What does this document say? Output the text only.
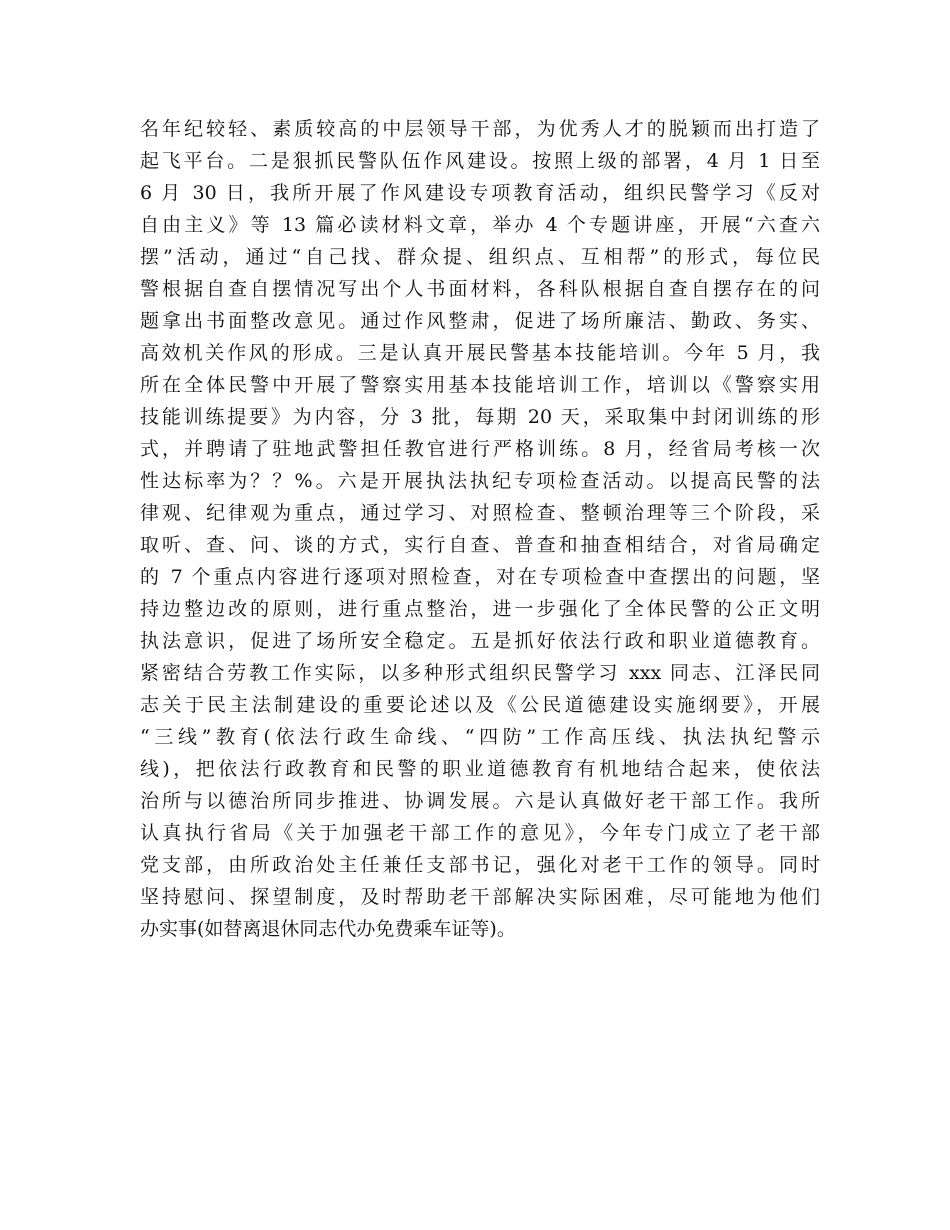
名年纪较轻、素质较高的中层领导干部，为优秀人才的脱颖而出打造了
起飞平台。二是狠抓民警队伍作风建设。按照上级的部署，4 月 1 日至
6 月 30 日，我所开展了作风建设专项教育活动，组织民警学习《反对
自由主义》等 13 篇必读材料文章，举办 4 个专题讲座，开展“六查六
摆”活动，通过“自己找、群众提、组织点、互相帮”的形式，每位民
警根据自查自摆情况写出个人书面材料，各科队根据自查自摆存在的问
题拿出书面整改意见。通过作风整肃，促进了场所廉洁、勤政、务实、
高效机关作风的形成。三是认真开展民警基本技能培训。今年 5 月，我
所在全体民警中开展了警察实用基本技能培训工作，培训以《警察实用
技能训练提要》为内容，分 3 批，每期 20 天，采取集中封闭训练的形
式，并聘请了驻地武警担任教官进行严格训练。8 月，经省局考核一次
性达标率为？？%。六是开展执法执纪专项检查活动。以提高民警的法
律观、纪律观为重点，通过学习、对照检查、整顿治理等三个阶段，采
取听、查、问、谈的方式，实行自查、普查和抽查相结合，对省局确定
的 7 个重点内容进行逐项对照检查，对在专项检查中查摆出的问题，坚
持边整边改的原则，进行重点整治，进一步强化了全体民警的公正文明
执法意识，促进了场所安全稳定。五是抓好依法行政和职业道德教育。
紧密结合劳教工作实际，以多种形式组织民警学习 xxx 同志、江泽民同
志关于民主法制建设的重要论述以及《公民道德建设实施纲要》，开展
“三线”教育(依法行政生命线、“四防”工作高压线、执法执纪警示
线)，把依法行政教育和民警的职业道德教育有机地结合起来，使依法
治所与以德治所同步推进、协调发展。六是认真做好老干部工作。我所
认真执行省局《关于加强老干部工作的意见》，今年专门成立了老干部
党支部，由所政治处主任兼任支部书记，强化对老干工作的领导。同时
坚持慰问、探望制度，及时帮助老干部解决实际困难，尽可能地为他们
办实事(如替离退休同志代办免费乘车证等)。
